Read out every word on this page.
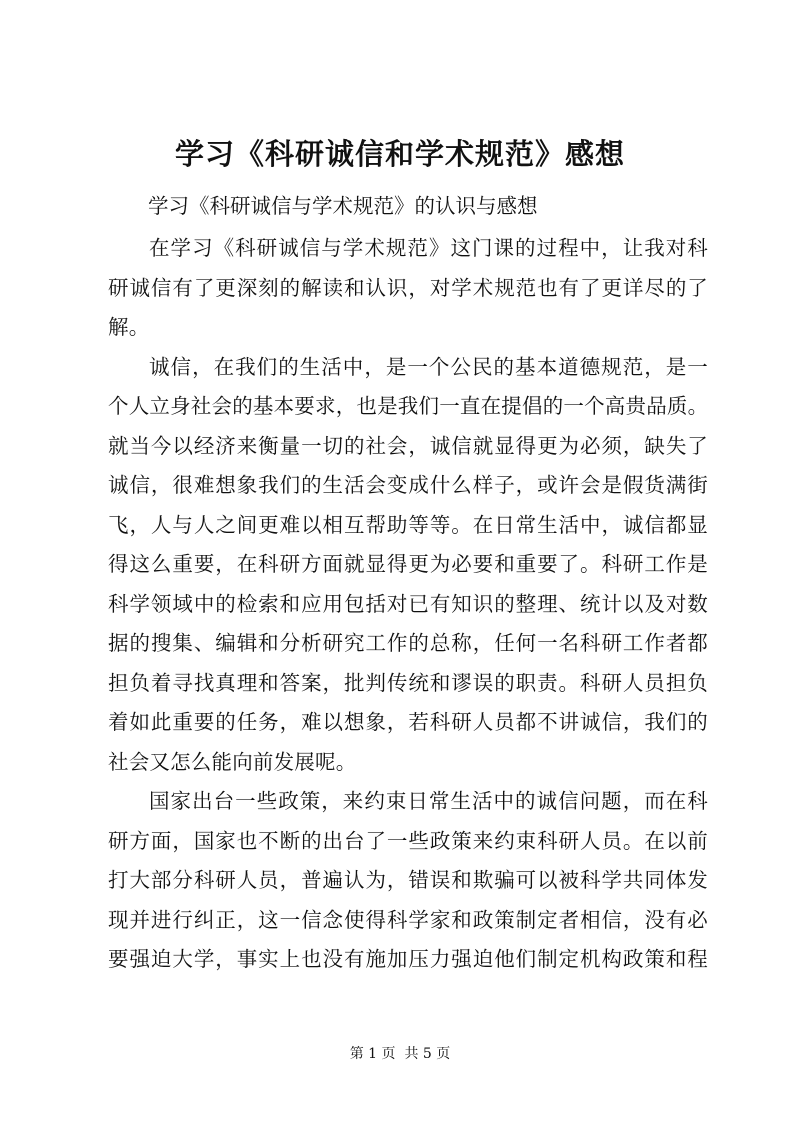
学习《科研诚信和学术规范》感想
学习《科研诚信与学术规范》的认识与感想
在学习《科研诚信与学术规范》这门课的过程中，让我对科
研诚信有了更深刻的解读和认识，对学术规范也有了更详尽的了
解。
诚信，在我们的生活中，是一个公民的基本道德规范，是一
个人立身社会的基本要求，也是我们一直在提倡的一个高贵品质。
就当今以经济来衡量一切的社会，诚信就显得更为必须，缺失了
诚信，很难想象我们的生活会变成什么样子，或许会是假货满街
飞，人与人之间更难以相互帮助等等。在日常生活中，诚信都显
得这么重要，在科研方面就显得更为必要和重要了。科研工作是
科学领域中的检索和应用包括对已有知识的整理、统计以及对数
据的搜集、编辑和分析研究工作的总称，任何一名科研工作者都
担负着寻找真理和答案，批判传统和谬误的职责。科研人员担负
着如此重要的任务，难以想象，若科研人员都不讲诚信，我们的
社会又怎么能向前发展呢。
国家出台一些政策，来约束日常生活中的诚信问题，而在科
研方面，国家也不断的出台了一些政策来约束科研人员。在以前
打大部分科研人员，普遍认为，错误和欺骗可以被科学共同体发
现并进行纠正，这一信念使得科学家和政策制定者相信，没有必
要强迫大学，事实上也没有施加压力强迫他们制定机构政策和程
第 1 页  共 5 页
